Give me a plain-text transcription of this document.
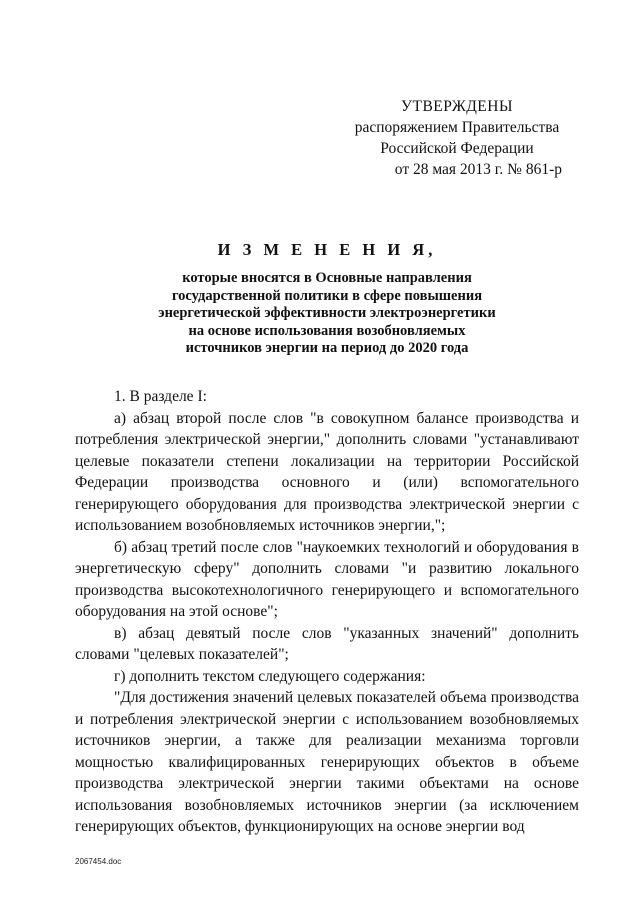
УТВЕРЖДЕНЫ
распоряжением Правительства
Российской Федерации
от 28 мая 2013 г. № 861-р
И З М Е Н Е Н И Я,
которые вносятся в Основные направления
государственной политики в сфере повышения
энергетической эффективности электроэнергетики
на основе использования возобновляемых
источников энергии на период до 2020 года

1. В разделе I:

а) абзац второй после слов "в совокупном балансе производства и потребления электрической энергии," дополнить словами "устанавливают целевые показатели степени локализации на территории Российской Федерации производства основного и (или) вспомогательного генерирующего оборудования для производства электрической энергии с использованием возобновляемых источников энергии,";

б) абзац третий после слов "наукоемких технологий и оборудования в энергетическую сферу" дополнить словами "и развитию локального производства высокотехнологичного генерирующего и вспомогательного оборудования на этой основе";

в) абзац девятый после слов "указанных значений" дополнить словами "целевых показателей";

г) дополнить текстом следующего содержания:

"Для достижения значений целевых показателей объема производства и потребления электрической энергии с использованием возобновляемых источников энергии, а также для реализации механизма торговли мощностью квалифицированных генерирующих объектов в объеме производства электрической энергии такими объектами на основе использования возобновляемых источников энергии (за исключением генерирующих объектов, функционирующих на основе энергии вод

2067454.doc
